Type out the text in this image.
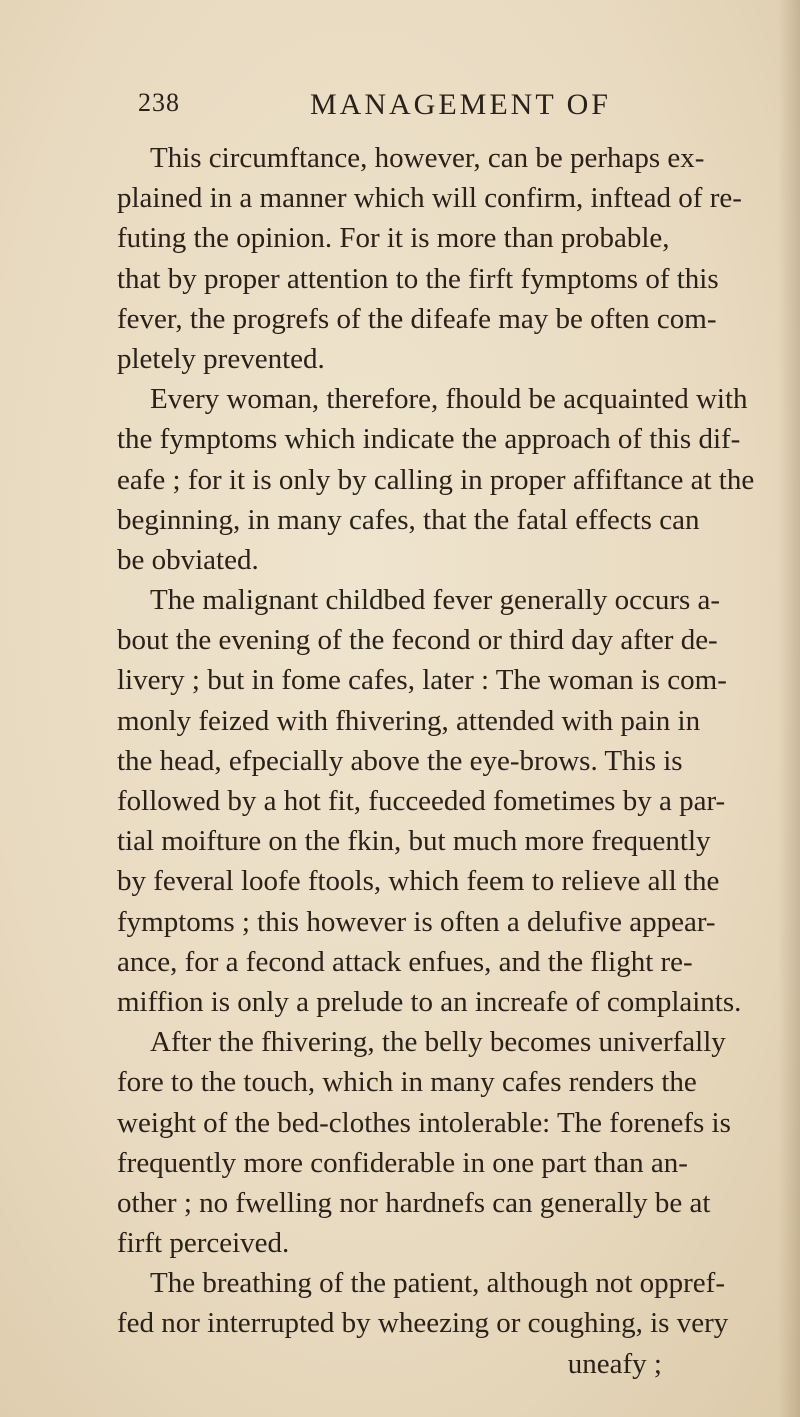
238	MANAGEMENT OF
This circumftance, however, can be perhaps ex-
plained in a manner which will confirm, inftead of re-
futing the opinion. For it is more than probable,
that by proper attention to the firft fymptoms of this
fever, the progrefs of the difeafe may be often com-
pletely prevented.
Every woman, therefore, fhould be acquainted with
the fymptoms which indicate the approach of this dif-
eafe ; for it is only by calling in proper affiftance at the
beginning, in many cafes, that the fatal effects can
be obviated.
The malignant childbed fever generally occurs a-
bout the evening of the fecond or third day after de-
livery ; but in fome cafes, later : The woman is com-
monly feized with fhivering, attended with pain in
the head, efpecially above the eye-brows. This is
followed by a hot fit, fucceeded fometimes by a par-
tial moifture on the fkin, but much more frequently
by feveral loofe ftools, which feem to relieve all the
fymptoms ; this however is often a delufive appear-
ance, for a fecond attack enfues, and the flight re-
miffion is only a prelude to an increafe of complaints.
After the fhivering, the belly becomes univerfally
fore to the touch, which in many cafes renders the
weight of the bed-clothes intolerable: The forenefs is
frequently more confiderable in one part than an-
other ; no fwelling nor hardnefs can generally be at
firft perceived.
The breathing of the patient, although not oppref-
fed nor interrupted by wheezing or coughing, is very
uneafy ;
